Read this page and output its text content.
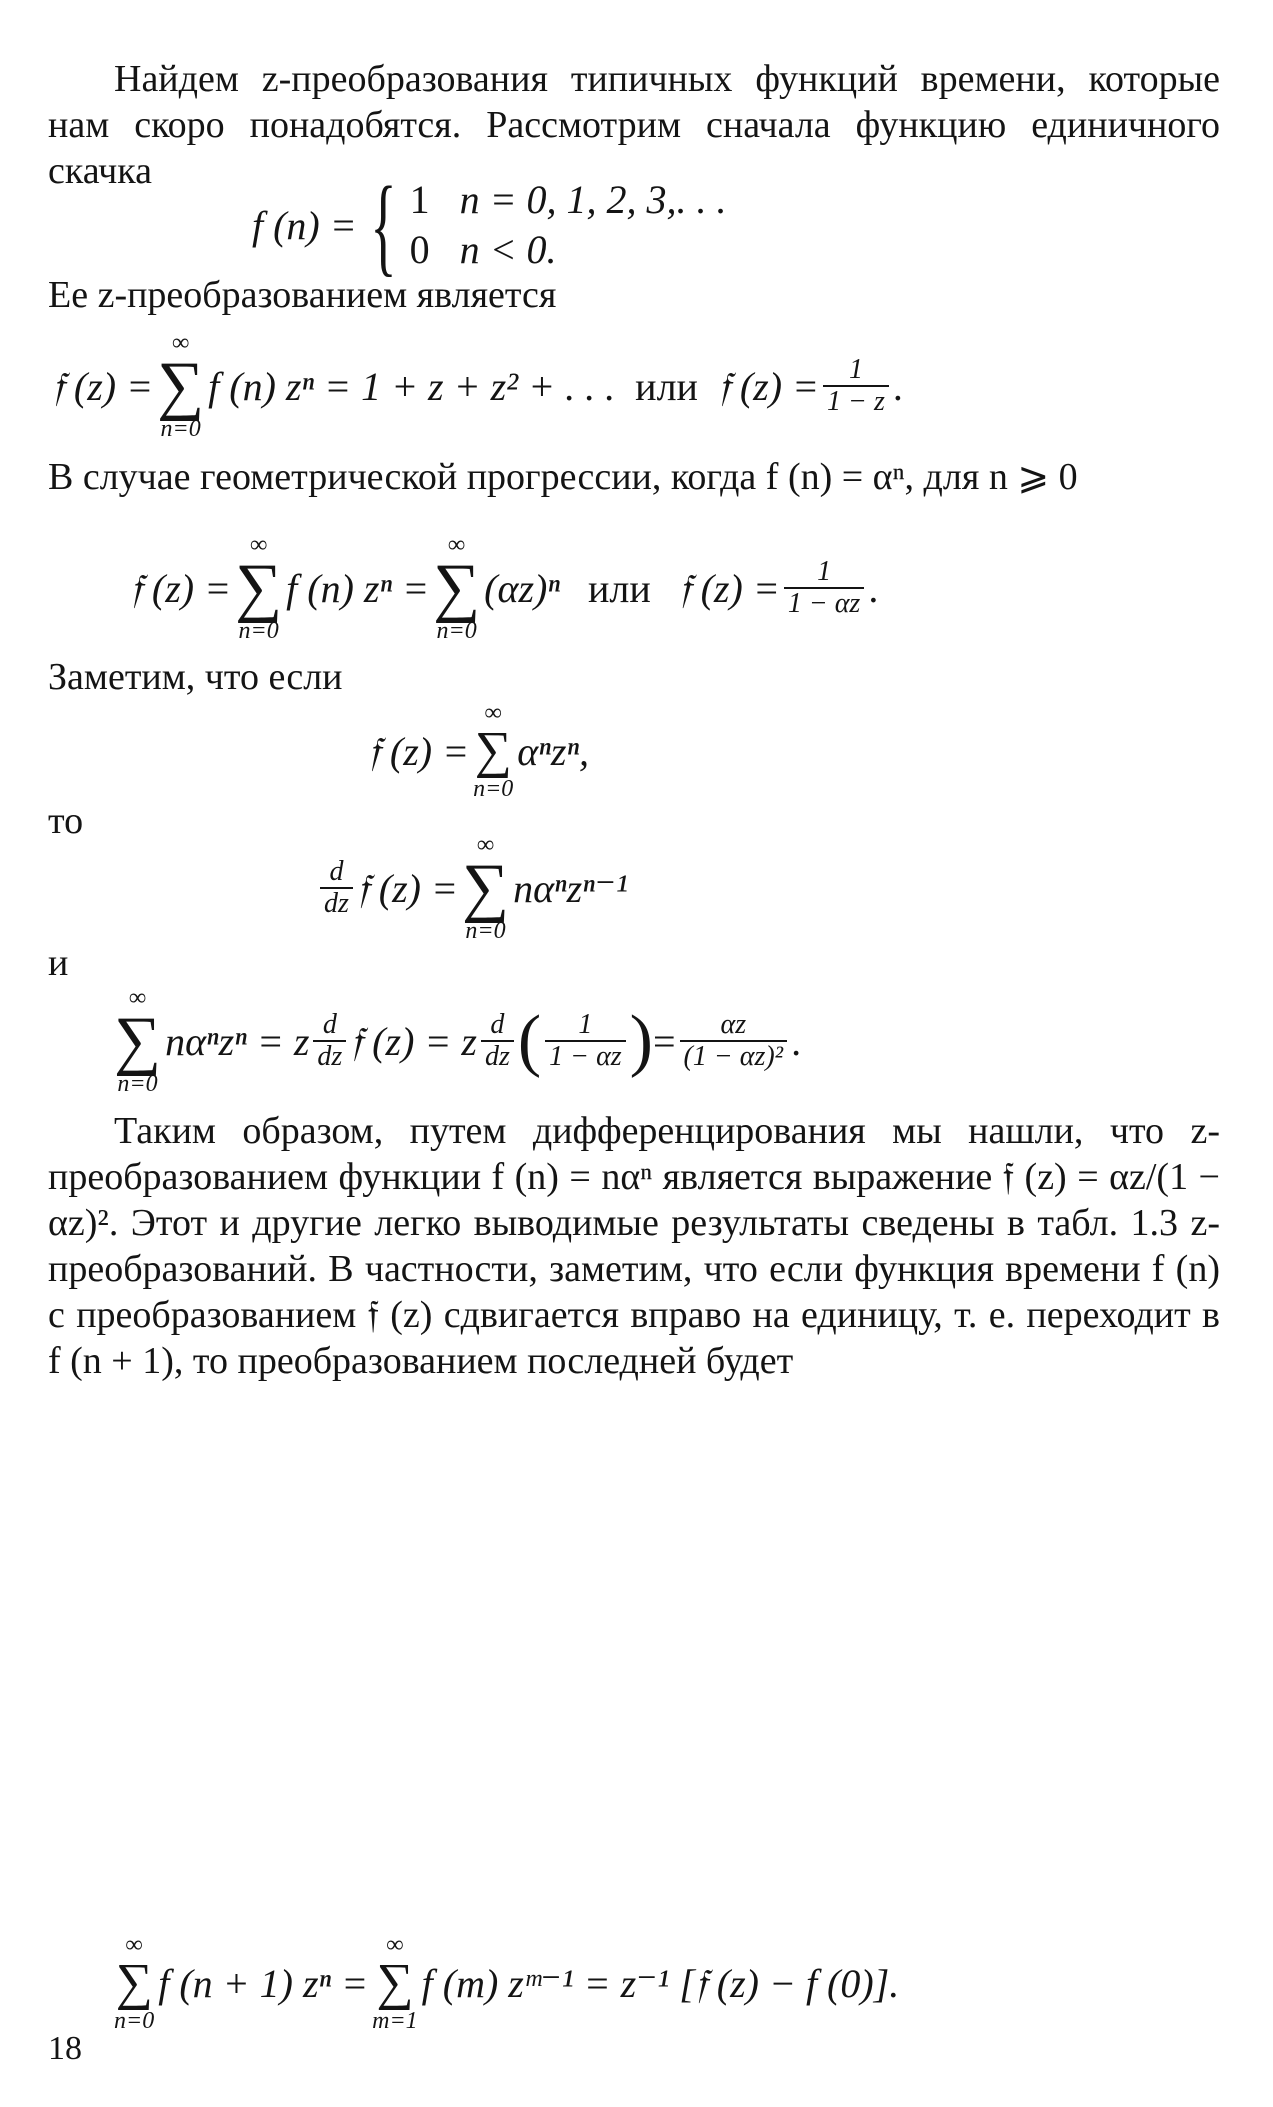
Найдем z-преобразования типичных функций времени, которые нам скоро понадобятся. Рассмотрим сначала функцию единичного скачка

f (n) = { 1 n = 0, 1, 2, 3,. . .
0 n < 0.

Ее z-преобразованием является

𝔣 (z) =
∞
∑
n=0
f (n) zⁿ = 1 + z + z² + . . . или 𝔣 $(z) = \frac{1}{1 - z}$ .

В случае геометрической прогрессии, когда f (n) = αⁿ, для n ⩾ 0

𝔣 (z) =
∞
∑
n=0
f (n) zⁿ =
∞
∑
n=0
(αz)ⁿ или 𝔣 $(z) = \frac{1}{1 - \alpha z}$ .

Заметим, что если

𝔣 (z) =
∞
∑
n=0
αⁿzⁿ,

то

$\frac{d}{dz}$ 𝔣 (z) =
∞
∑
n=0
nαⁿzⁿ⁻¹

и

∞
∑
n=0
nαⁿzⁿ = z $\frac{d}{dz}$ 𝔣 (z) = z $\frac{d}{dz}$ ( $\frac{1}{1 - \alpha z}$ ) = $\frac{\alpha z}{\text{(1 − αz)²}}$ .

Таким образом, путем дифференцирования мы нашли, что z-преобразованием функции f (n) = nαⁿ является выражение 𝔣 (z) = αz/(1 − αz)². Этот и другие легко выводимые результаты сведены в табл. 1.3 z-преобразований. В частности, заметим, что если функция времени f (n) с преобразованием 𝔣 (z) сдвигается вправо на единицу, т. е. переходит в f (n + 1), то преобразованием последней будет

∞
∑
n=0
f (n + 1) zⁿ =
∞
∑
m=1
f (m) zᵐ⁻¹ = z⁻¹ [𝔣 (z) − f (0)].
18
